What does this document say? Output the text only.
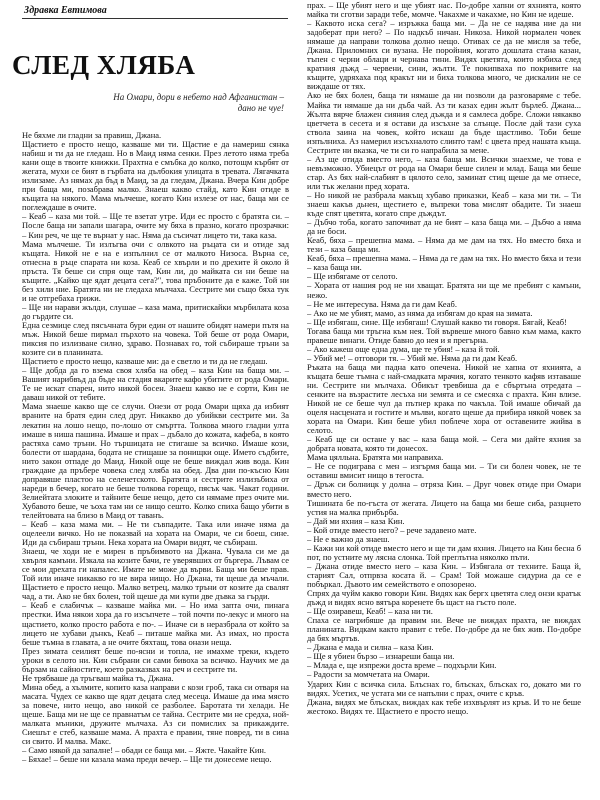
Здравка Евтимова
СЛЕД ХЛЯБА
На Омари, дори в небето над Афганистан – дано не чуе!

Не бяхме ли гладни за правиш, Джана.

Щастието е просто нещо, казваше ми ти. Щастие е да намериш сянка набиш и ти да не гледаш. Но в Маид няма сенки. През летото няма треба кани още в твоите книжки. Прахтна е смъбка до колко, потощм кърбят от жегата, мухи се бият в гърбата на дълбокия улицата в тревата. Лягачката излизаме. Аз нямах да бъд в Маид, за да гледам, Джана. Вчера Кин добре при баща ми, позабрава малко. Знаеш какво стайд, като Кин отиде в къщата на някого. Мама мълчеше, когато Кин излезе от нас, баща ми се поглеждаше в очите.

– Кеаб – каза ми той. – Ще те взетат утре. Иди ес просто с братята си. – После баща ни запали шагара, очите му бяха в празно, когато прозрачки: – Кин реч, че ще те върнат у нас. Няма да съсичат лицето ти, така каза.

Мама мълчеше. Ти излъгва очи с олвкото на ръцата си и отиде зад къщата. Никой не е на е изпълнил се от малкото Низоса. Върна се, отнесна в ръце спарата ни коза. Кеаб се хвърли и по дрехите й около й пръста. Тя беше си спря още там, Кин ли, до майката си ни беше на къщите. „Кайко ще ядат децата сега?", това пръбоните да е каже. Той ни без хили ние. Братята ни не гледаха мълчаха. Сестрите ми също бяха тук и не отгребаха грижи.

– Ще ни нарави жълди, слушае – каза мама, притискайки мърбилата коза до гърдите си.

Една сезмице след пясъчната бури един от нашите обидят намери пътя на мъж. Никой беше пирмал пърхото на човека. Той беше от рода Омари, пиксия по излизване силно, здраво. Познавах го, той събираше тръни за козите си в планината.

Щастието е просто нещо, казваше ми: да е светло и ти да не гледаш.

– Ще добда да го взема своя хляба на обед – каза Кин на баща ми. – Вашият нарибвъд да бъде на стадия вкарите кафо убитите от рода Омари. Те не искат спарен, нито никой босен. Знаеш какво не е сорти, Кин не даваш никой от тебите.

Мама знаеше какво ще се случи. Онези от рода Омари щяха да избият враните на братя един след друг. Никакво до убийкви сестрите ми. За лекатин на лошо нещо, по-лошо от смъртта. Толкова много гладни улта имаше в ниша пашина. Имаше и прах – дъбало до кожата, кафеба, в която растяха само тръни. Но тършицата не стигаше за всичко. Имаше кози, болести от шардана, бодата не стищаше за понищки още. Името съдбите, нито закон отпаде до Маид. Никой още не беше виждал жив вода. Кин граждане да пръбере човека след хляба на обед. Два дни по-късно Кин доправяше пластоо на селенетското. Братята и сестрите излизъбиха от нареди в бечер, когато не беше толкова горещо, пясък чак. Чакат години. Зелиейтата злоките и тайните беше нещо, дето си нямаме през очите ми. Хубавото беше, че ъоха там ни се нищо сешто. Колко спиха бащо убити в телейтовата на близо в Маид от таванъ.

– Кеаб – каза мама ми. – Не ти съвпадите. Така или иначе няма да оцелеели вичко. Но не показвай на хората на Омари, че си боеш, сине. Иди да събираш тръни. Нека хората на Омари видят, че събираш.

Знаеш, че ходи не е мирен в пръбимвото на Джана. Чувала си ме да хвърля камъни. Изкала на козите бачи, ге уверявших от бъргера. Лъвам се се мои дрехата ги напалес. Имате не може да върви. Баща ми беше прав. Той или иначе никакво го не вира нищо. Но Джана, ти щеше да мъчали. Щастието е просто нещо. Малко ветрец, малко тръни от козите да свалят чад, а ти. Ако не бях болен, той щеше да ми купи две дъвка за гърди.

– Кеаб е слабичък – казваше майка ми. – Но има запта очи, пинага престки. Има някои хора да го изсъпчете – той почти по-лекус и много на щастието, колко просто работа е по-. – Иначе си в неразбрала от който за лицето не хубави дънкъ, Кеаб – питаше майка ми. Аз имах, но проста беше тъмна в главата, а не очите бяхтащ, това онази неща.

През зимата сеилият беше по-ясни и топла, не имахме треки, където уроки в селото ни. Кин събрани си сами бивоха за всичко. Научих ме да бързам на сайностите, което разказвах на реч и сестрите ти.

Не трябваше да тръгваш майка тъ, Джана.

Мина обед, а хълмите, копито каза направи с кози гроб, така си отваря на масата. Чудех се какво ще ядат децата след месеца. Имаше да има място за повече, нито нещо, аво никой се разболее. Баротата ти хелади. Не щеше. Баща ми не ще се правнатъм се тайна. Сестрите ми не средха, ной-малката мъники, дружите мълчаха. Аз си помислих за прикаждите. Сиешът е стеб, казваше мама. А прахта е правин, тяне повред, ти в сина си свито. И малва. Макс.

– Само някой да запалне! – обади се баща ми. – Яжте. Чакайте Кин.

– Бяхае! – беше ни казала мама преди вечер. – Ще ти донесеме нещо.

прах. – Ще убият него и ще убият нас. По-добре хапни от яхнията, която майка ти сготви заради тебе, момче. Чакахме и чакахме, но Кин не идеше.

– Каквото иска сега? – изръжка баща ми. – Да не се надява ние да ни задоберат при него? – По надкъб ничан. Никоза. Никой нормален човек нямаше да направи толкова долно нещо. Отивах се да не мисля за тебе, Джана. Приломних си вузана. Не поройния, когато дошлата стана казан, тъпен с черни облаци и чернава тини. Видях цветята, които избиха след кратния дъжд – червени, сини, жълти. Те покипваха по покривите на къщите, удряхаха под кракът ни и биха толкова много, че дискалин не се виждаше от тях.

Ако не бях болен, баща ти нямаше да ни позволи да разговаряме с тебе. Майка ти нямаше да ни дъба чай. Аз ти казах един жълт бърлеб. Джана... Жълта вярче блажен сияния след дъжда и я самлеса добре. Сложи някакво цветчета в сесета и я остави да изсъхне за слънце. После дай тази суха ствола заина на човек, който искаш да бъде щастливо. Тоби беше изпълниха. Аз намерил изсъхналото слинто там! с цвета пред нашата къща. Сестрите ни вказка, че ти си го напрабила за мене.

– Аз ще отида вместо него, – каза баща ми. Всички знаехме, че това е невъзможно. Убиецът от рода на Омари беше силен и млад. Баща ми беше стар. Аз бях най-слабият в цялото село, заминат стиц щеше да ме отнесе, или тък желани пред хората.

– Но никой не разбрала макъщ хубаво приказки, Кеаб – каза ми ти. – Ти знаеш какъв дьнен, щестието е, въпреки това мислят обадите. Ти знаеш къде спят цветята, когато спре дъждът.

– Дъбчо тоба, когато започиват да не бият – каза баща ми. – Дъбчо а няма да не боси.

Кеаб, бяха – прешепна мама. – Няма да ме дам на тях. Но вместо бяха и тези – каза баща ми.

Кеаб, бяха – прешепна мама. – Няма да ге дам на тях. Но вместо бяха и тези – каза баща ни.

– Ще избягаме от селото.

– Хората от нашия род не ни хващат. Братята ни ще ме пребият с камъни, нежо.

– Не ме интересува. Няма да ги дам Кеаб.

– Ако не ме убият, мамо, аз няма да избягам до края на зимата.

– Ще избягаш, сине. Ще избягаш! Слушай какво ти говоря. Бягай, Кеаб!

Тогава баща ми тръгна към нея. Той вървеше много бавно към мама, както правеше винаги. Отиде бавно до нея и я прегърна.

– Ако кажеш още една дума, ще те убия! – каза й той.

– Убий ме! – отговори тя. – Убий ме. Няма да ги дам Кеаб.

Ръката на баща ми падна като опечена. Никой не хапна от яхнията, а къщата беше тъмна с най-смадката мрачия, когато тенкото кафяв изтаваше ни. Сестрите ни мълчаха. Обикът тревбиша да е сбъртъна отредата – сенките на възрастите лесъха ни земята и се смесяха с прахта. Кин влизе. Никой не се беше чул да пътнер крака по чакъла. Той имаше обичай да оцеля насцената и гостите и мълви, когато щеше да прибира някой човек за хората на Омари. Кин беше убил поблече хора от оставените жийва в селото.

– Кеаб ще си остане у вас – каза баща мой. – Сега ми дайте яхния за добрата новата, която ти донесох.

Мама цялльна. Братята ми направиха.

– Не се подиграва с мен – изгърмя баща ми. – Ти си болен човек, не те оставиш вмисит нищо в тегоста.

– Дръж си болницк у долна – отряза Кин. – Друг човек отиде при Омари вместо него.

Тишината бе по-гъста от жегата. Лицето на баща ми беше сиба, разцнето устия на малка прибърба.

– Дай ми яхния – каза Кин.

– Кой отиде вместо него? – рече задавено мате.

– Не е важно да знаеш.

– Кажи ни кой отиде вместо него и ще ти дам яхния. Лицето на Кин бесна б пот, по устните му лясна слонка. Той преглътна няколко пъти.

– Джана отиде вместо него – каза Кин. – Избягала от техните. Баща й, старият Сал, отпрвза косата й. – Срам! Той можаше сидуриа да се е побъркал. Дъвото им семейството е опозорено.

Спрях да чуйм какво говори Кин. Видях как бергх цветята след онзи кратък дъжд и видях ясно вятъра коренете бъ щаст на гъсто поле.

– Ще озиравеш, Кеаб! – каза ни ти.

Спаха се нагрибяше да правим ни. Вече не виждах прахта, не виждах планината. Видкам както правит с тебе. По-добре да не бях жив. По-добре да бях мъртъв.

– Джана е мада и силна – каза Кин.

– Ще я убиен бързо – изнареши баща ни.

– Млада е, ще изпрежи доста време – подхърли Кин.

– Радости за момчетата на Омари.

Ударих Кин с всичка сила. Блъснах го, блъсках, блъсках го, докато ми го видях. Усетих, че устата ми се напълни с прах, очите с кръв.

Джана, видях ме блъсках, виждах как тебе изхвърлят из кръв. И то не беше жестоко. Видях те. Щастието е просто нещо.
